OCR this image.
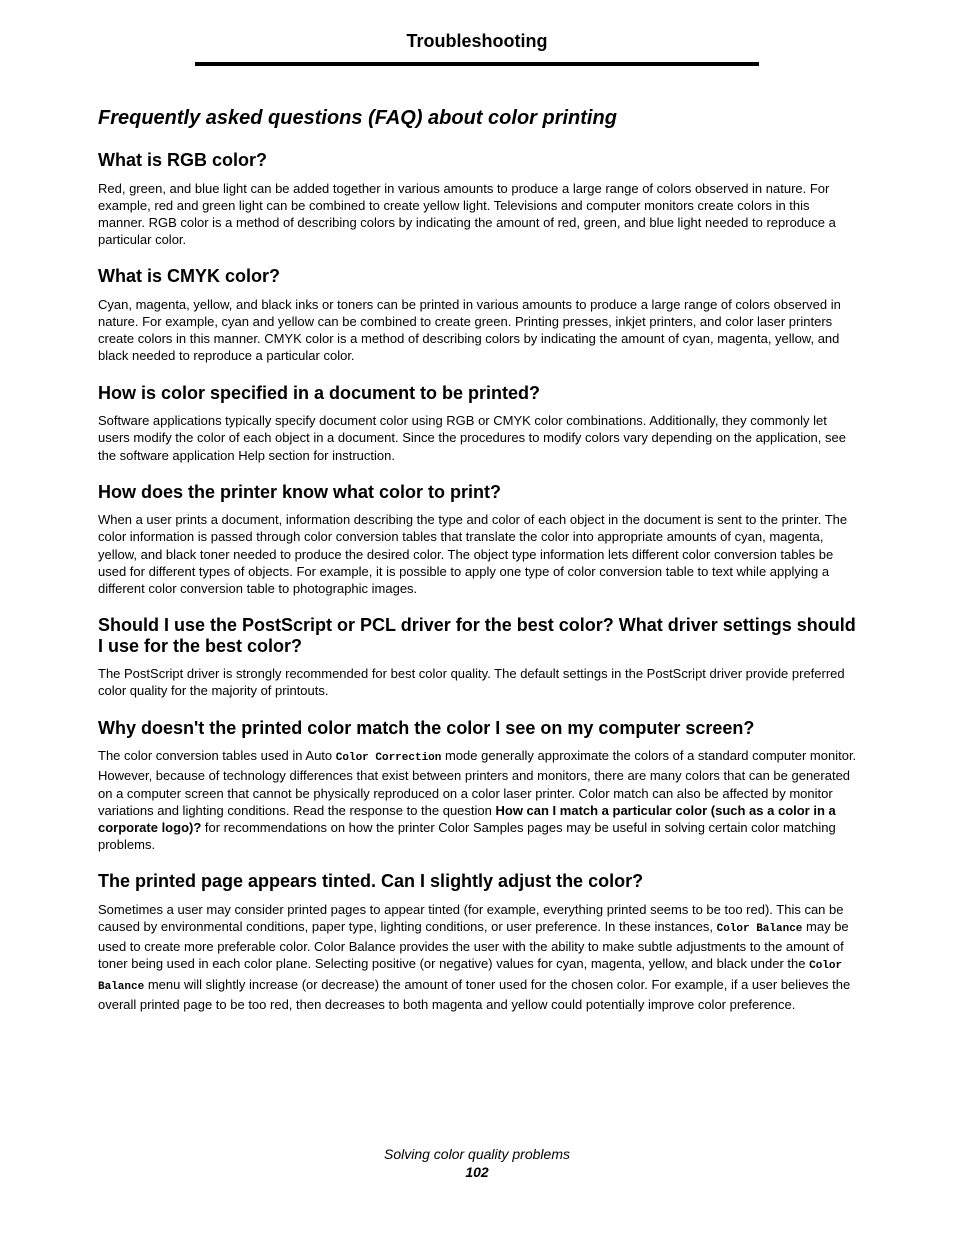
Troubleshooting
Frequently asked questions (FAQ) about color printing
What is RGB color?

Red, green, and blue light can be added together in various amounts to produce a large range of colors observed in nature. For example, red and green light can be combined to create yellow light. Televisions and computer monitors create colors in this manner. RGB color is a method of describing colors by indicating the amount of red, green, and blue light needed to reproduce a particular color.

What is CMYK color?

Cyan, magenta, yellow, and black inks or toners can be printed in various amounts to produce a large range of colors observed in nature. For example, cyan and yellow can be combined to create green. Printing presses, inkjet printers, and color laser printers create colors in this manner. CMYK color is a method of describing colors by indicating the amount of cyan, magenta, yellow, and black needed to reproduce a particular color.

How is color specified in a document to be printed?

Software applications typically specify document color using RGB or CMYK color combinations. Additionally, they commonly let users modify the color of each object in a document. Since the procedures to modify colors vary depending on the application, see the software application Help section for instruction.

How does the printer know what color to print?

When a user prints a document, information describing the type and color of each object in the document is sent to the printer. The color information is passed through color conversion tables that translate the color into appropriate amounts of cyan, magenta, yellow, and black toner needed to produce the desired color. The object type information lets different color conversion tables be used for different types of objects. For example, it is possible to apply one type of color conversion table to text while applying a different color conversion table to photographic images.

Should I use the PostScript or PCL driver for the best color? What driver settings should I use for the best color?

The PostScript driver is strongly recommended for best color quality. The default settings in the PostScript driver provide preferred color quality for the majority of printouts.

Why doesn't the printed color match the color I see on my computer screen?

The color conversion tables used in Auto Color Correction mode generally approximate the colors of a standard computer monitor. However, because of technology differences that exist between printers and monitors, there are many colors that can be generated on a computer screen that cannot be physically reproduced on a color laser printer. Color match can also be affected by monitor variations and lighting conditions. Read the response to the question How can I match a particular color (such as a color in a corporate logo)? for recommendations on how the printer Color Samples pages may be useful in solving certain color matching problems.

The printed page appears tinted. Can I slightly adjust the color?

Sometimes a user may consider printed pages to appear tinted (for example, everything printed seems to be too red). This can be caused by environmental conditions, paper type, lighting conditions, or user preference. In these instances, Color Balance may be used to create more preferable color. Color Balance provides the user with the ability to make subtle adjustments to the amount of toner being used in each color plane. Selecting positive (or negative) values for cyan, magenta, yellow, and black under the Color Balance menu will slightly increase (or decrease) the amount of toner used for the chosen color. For example, if a user believes the overall printed page to be too red, then decreases to both magenta and yellow could potentially improve color preference.

Solving color quality problems
102
